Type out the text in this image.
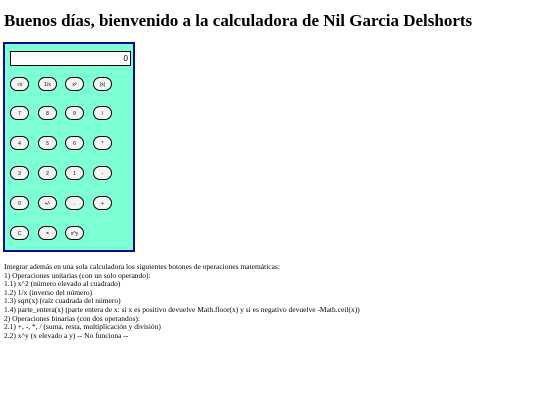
Buenos días, bienvenido a la calculadora de Nil Garcia Delshorts
0
√x	1/x	x²	|x|
7	8	9	/
4	5	6	*
3	2	1	-
0	+/-	.	+
C	=	x^y
Integrar además en una sola calculadora los siguientes botones de operaciones matemáticas:
1) Operaciones unitarias (con un solo operando):
1.1) x^2 (número elevado al cuadrado)
1.2) 1/x (inverso del número)
1.3) sqrt(x) (raíz cuadrada del número)
1.4) parte_entera(x) (parte entera de x: si x es positivo devuelve Math.floor(x) y si es negativo devuelve -Math.ceil(x))
2) Operaciones binarias (con dos operandos):
2.1) +, -, *, / (suma, resta, multiplicación y división)
2.2) x^y (x elevado a y) -- No funciona --
